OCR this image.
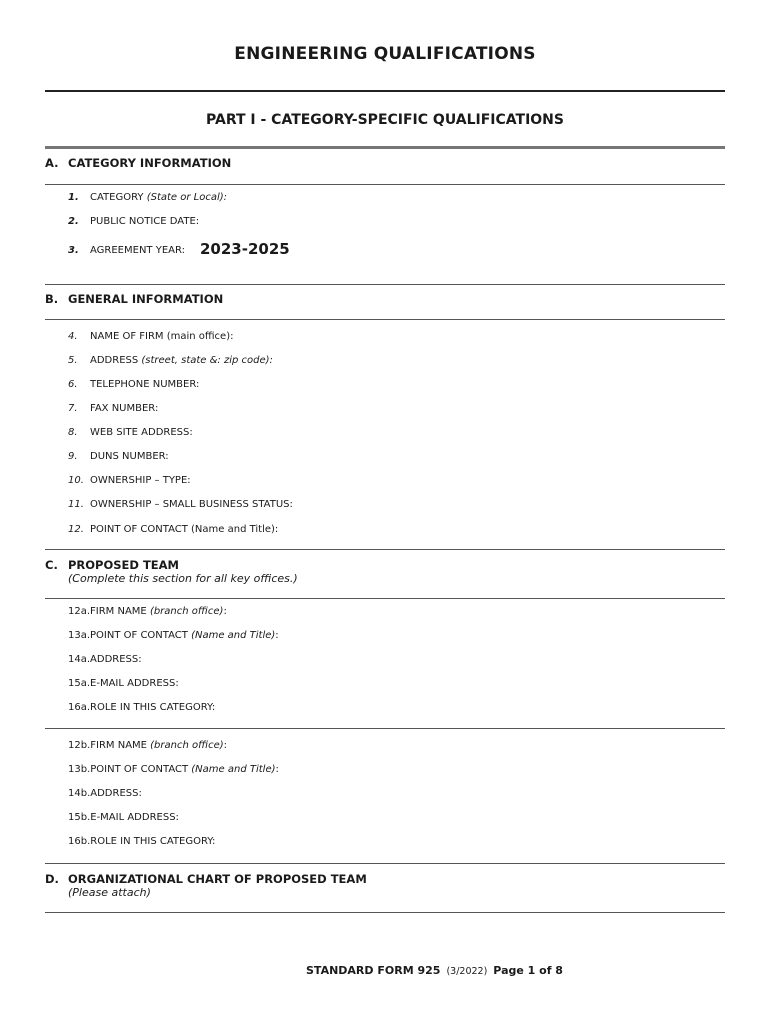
ENGINEERING QUALIFICATIONS
PART I - CATEGORY-SPECIFIC QUALIFICATIONS
A. CATEGORY INFORMATION
1. CATEGORY (State or Local):
2. PUBLIC NOTICE DATE:
3. AGREEMENT YEAR: 2023-2025
B. GENERAL INFORMATION
4. NAME OF FIRM (main office):
5. ADDRESS (street, state &: zip code):
6. TELEPHONE NUMBER:
7. FAX NUMBER:
8. WEB SITE ADDRESS:
9. DUNS NUMBER:
10. OWNERSHIP – TYPE:
11. OWNERSHIP – SMALL BUSINESS STATUS:
12. POINT OF CONTACT (Name and Title):
C. PROPOSED TEAM
(Complete this section for all key offices.)
12a.FIRM NAME (branch office):
13a.POINT OF CONTACT (Name and Title):
14a.ADDRESS:
15a.E-MAIL ADDRESS:
16a.ROLE IN THIS CATEGORY:
12b.FIRM NAME (branch office):
13b.POINT OF CONTACT (Name and Title):
14b.ADDRESS:
15b.E-MAIL ADDRESS:
16b.ROLE IN THIS CATEGORY:
D. ORGANIZATIONAL CHART OF PROPOSED TEAM
(Please attach)
STANDARD FORM 925 (3/2022) Page 1 of 8
